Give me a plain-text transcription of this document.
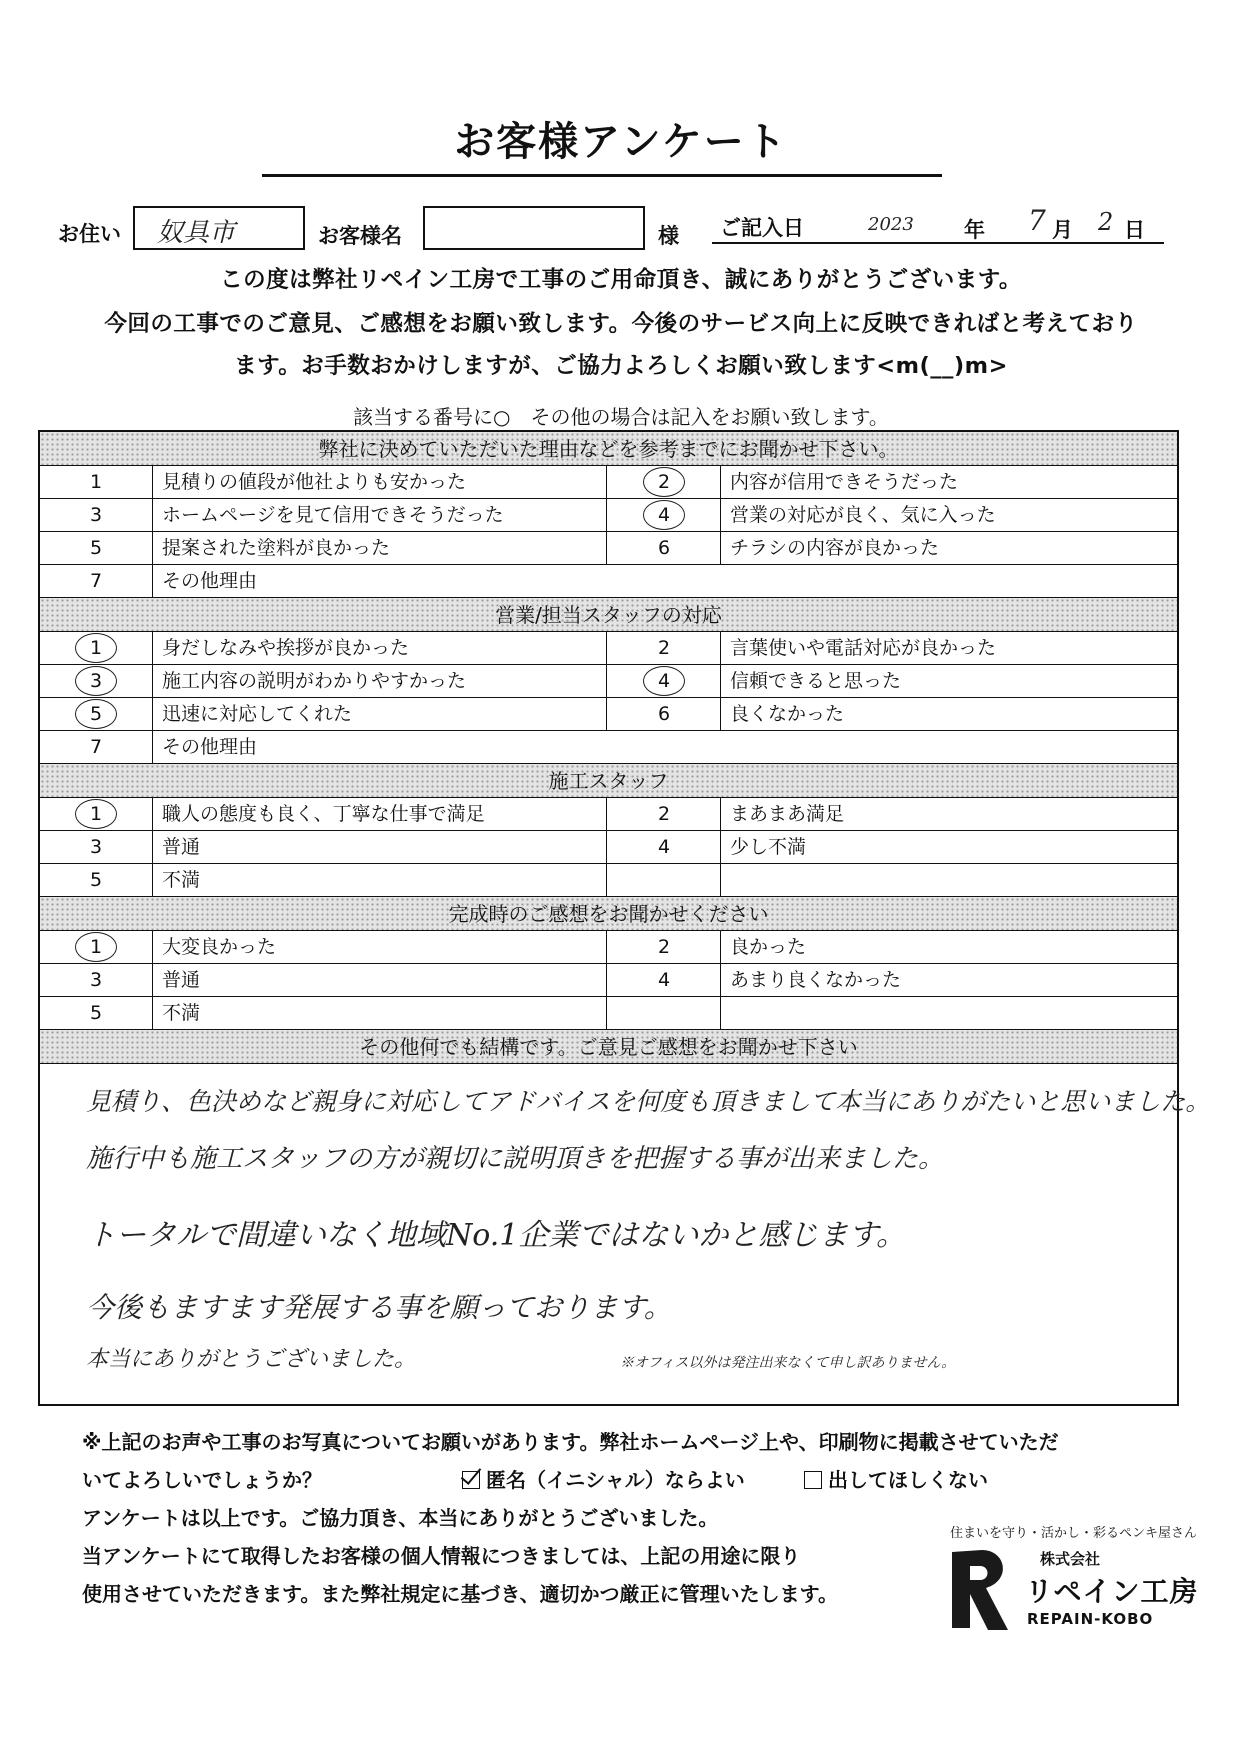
お客様アンケート
お住い	奴具市	お客様名	様 ご記入日	2023 年 7 月 2 日
この度は弊社リペイン工房で工事のご用命頂き、誠にありがとうございます。
今回の工事でのご意見、ご感想をお願い致します。今後のサービス向上に反映できればと考えており
ます。お手数おかけしますが、ご協力よろしくお願い致します<m(__)m>
該当する番号に○　その他の場合は記入をお願い致します。
弊社に決めていただいた理由などを参考までにお聞かせ下さい。
1	見積りの値段が他社よりも安かった	2	内容が信用できそうだった
3	ホームページを見て信用できそうだった	4	営業の対応が良く、気に入った
5	提案された塗料が良かった	6	チラシの内容が良かった
7	その他理由
営業/担当スタッフの対応
1	身だしなみや挨拶が良かった	2	言葉使いや電話対応が良かった
3	施工内容の説明がわかりやすかった	4	信頼できると思った
5	迅速に対応してくれた	6	良くなかった
7	その他理由
施工スタッフ
1	職人の態度も良く、丁寧な仕事で満足	2	まあまあ満足
3	普通	4	少し不満
5	不満
完成時のご感想をお聞かせください
1	大変良かった	2	良かった
3	普通	4	あまり良くなかった
5	不満
その他何でも結構です。ご意見ご感想をお聞かせ下さい
見積り、色決めなど親身に対応してアドバイスを何度も頂きまして本当にありがたいと思いました。
施行中も施工スタッフの方が親切に説明頂きを把握する事が出来ました。
トータルで間違いなく地域No.1企業ではないかと感じます。
今後もますます発展する事を願っております。
本当にありがとうございました。	※オフィス以外は発注出来なくて申し訳ありません。
※上記のお声や工事のお写真についてお願いがあります。弊社ホームページ上や、印刷物に掲載させていただ
いてよろしいでしょうか？	匿名（イニシャル）ならよい	出してほしくない
アンケートは以上です。ご協力頂き、本当にありがとうございました。
当アンケートにて取得したお客様の個人情報につきましては、上記の用途に限り
使用させていただきます。また弊社規定に基づき、適切かつ厳正に管理いたします。
住まいを守り・活かし・彩るペンキ屋さん
株式会社
リペイン工房
REPAIN-KOBO
